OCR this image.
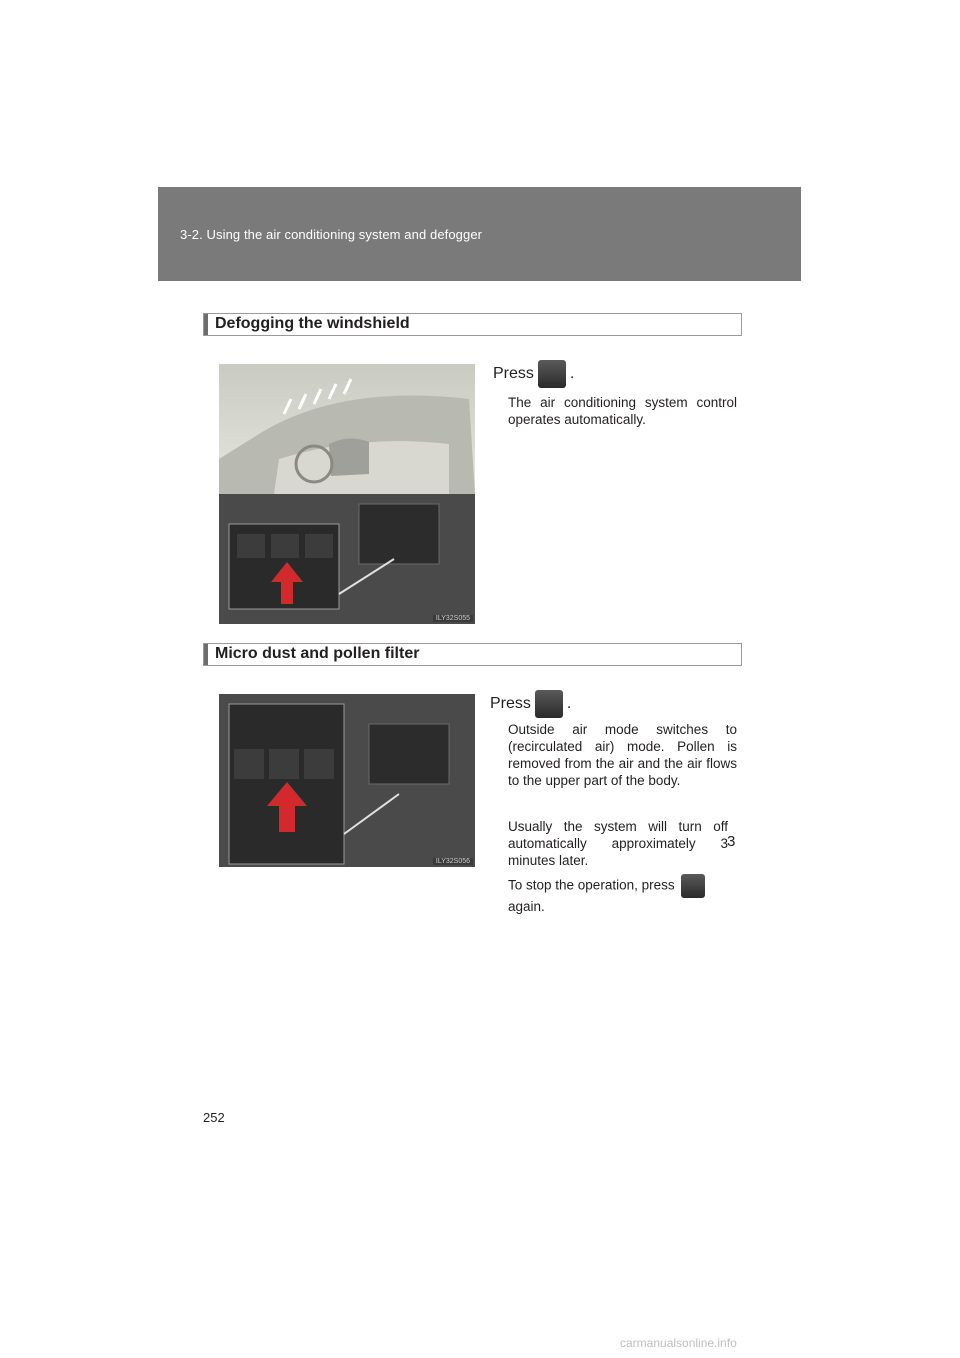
3-2. Using the air conditioning system and defogger
Defogging the windshield
ILY32S055
Press .
The air conditioning system control operates automatically.
Micro dust and pollen filter
ILY32S056
Press .
Outside air mode switches to (recirculated air) mode. Pollen is removed from the air and the air flows to the upper part of the body.
Usually the system will turn off automatically approximately 3 minutes later.
To stop the operation, press
again.
3
252
carmanualsonline.info
